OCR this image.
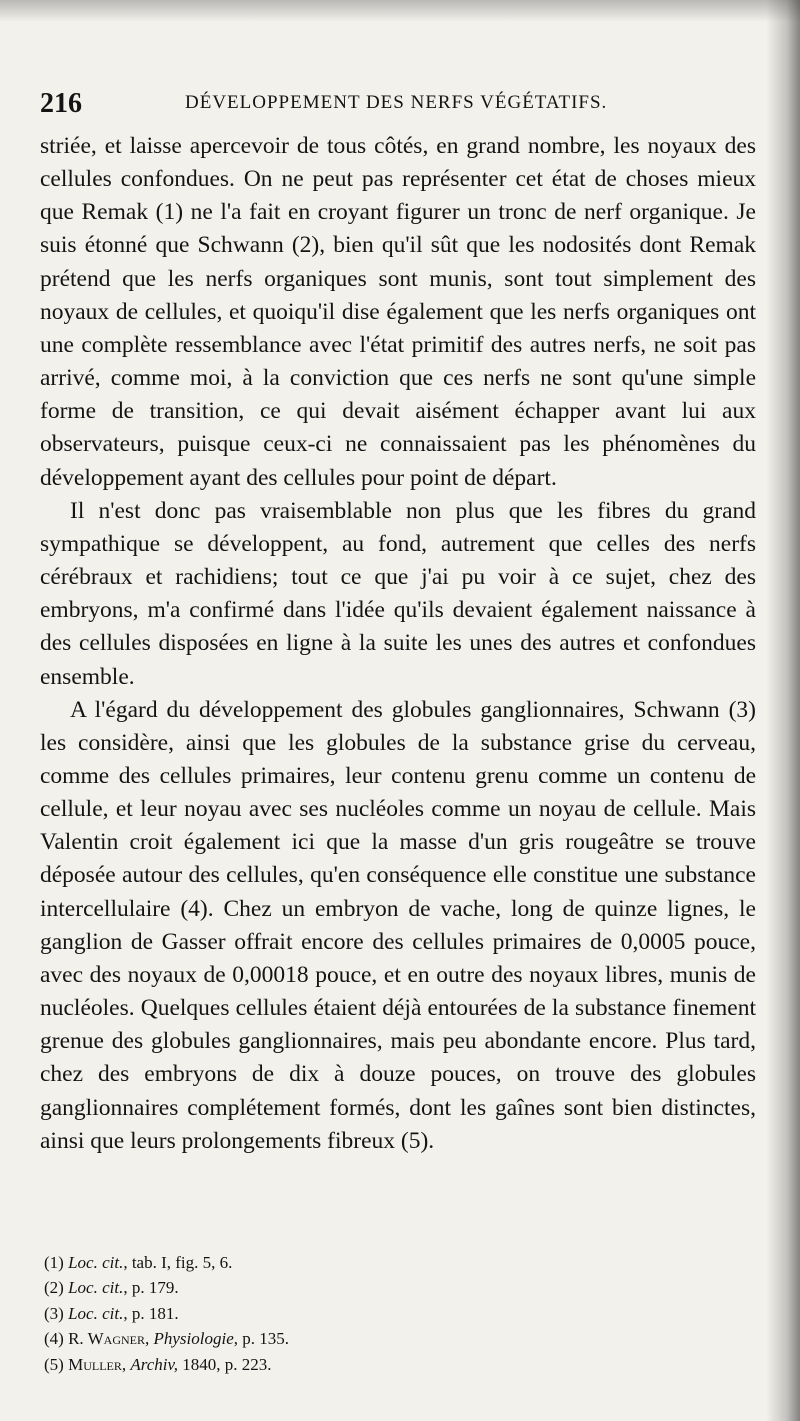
216	DÉVELOPPEMENT DES NERFS VÉGÉTATIFS.

striée, et laisse apercevoir de tous côtés, en grand nombre, les noyaux des cellules confondues. On ne peut pas représenter cet état de choses mieux que Remak (1) ne l'a fait en croyant figurer un tronc de nerf organique. Je suis étonné que Schwann (2), bien qu'il sût que les nodosités dont Remak prétend que les nerfs organiques sont munis, sont tout simplement des noyaux de cellules, et quoiqu'il dise également que les nerfs organiques ont une complète ressemblance avec l'état primitif des autres nerfs, ne soit pas arrivé, comme moi, à la conviction que ces nerfs ne sont qu'une simple forme de transition, ce qui devait aisément échapper avant lui aux observateurs, puisque ceux-ci ne connaissaient pas les phénomènes du développement ayant des cellules pour point de départ.

Il n'est donc pas vraisemblable non plus que les fibres du grand sympathique se développent, au fond, autrement que celles des nerfs cérébraux et rachidiens; tout ce que j'ai pu voir à ce sujet, chez des embryons, m'a confirmé dans l'idée qu'ils devaient également naissance à des cellules disposées en ligne à la suite les unes des autres et confondues ensemble.

A l'égard du développement des globules ganglionnaires, Schwann (3) les considère, ainsi que les globules de la substance grise du cerveau, comme des cellules primaires, leur contenu grenu comme un contenu de cellule, et leur noyau avec ses nucléoles comme un noyau de cellule. Mais Valentin croit également ici que la masse d'un gris rougeâtre se trouve déposée autour des cellules, qu'en conséquence elle constitue une substance intercellulaire (4). Chez un embryon de vache, long de quinze lignes, le ganglion de Gasser offrait encore des cellules primaires de 0,0005 pouce, avec des noyaux de 0,00018 pouce, et en outre des noyaux libres, munis de nucléoles. Quelques cellules étaient déjà entourées de la substance finement grenue des globules ganglionnaires, mais peu abondante encore. Plus tard, chez des embryons de dix à douze pouces, on trouve des globules ganglionnaires complétement formés, dont les gaînes sont bien distinctes, ainsi que leurs prolongements fibreux (5).

(1) Loc. cit., tab. I, fig. 5, 6.
(2) Loc. cit., p. 179.
(3) Loc. cit., p. 181.
(4) R. Wagner, Physiologie, p. 135.
(5) Muller, Archiv, 1840, p. 223.
